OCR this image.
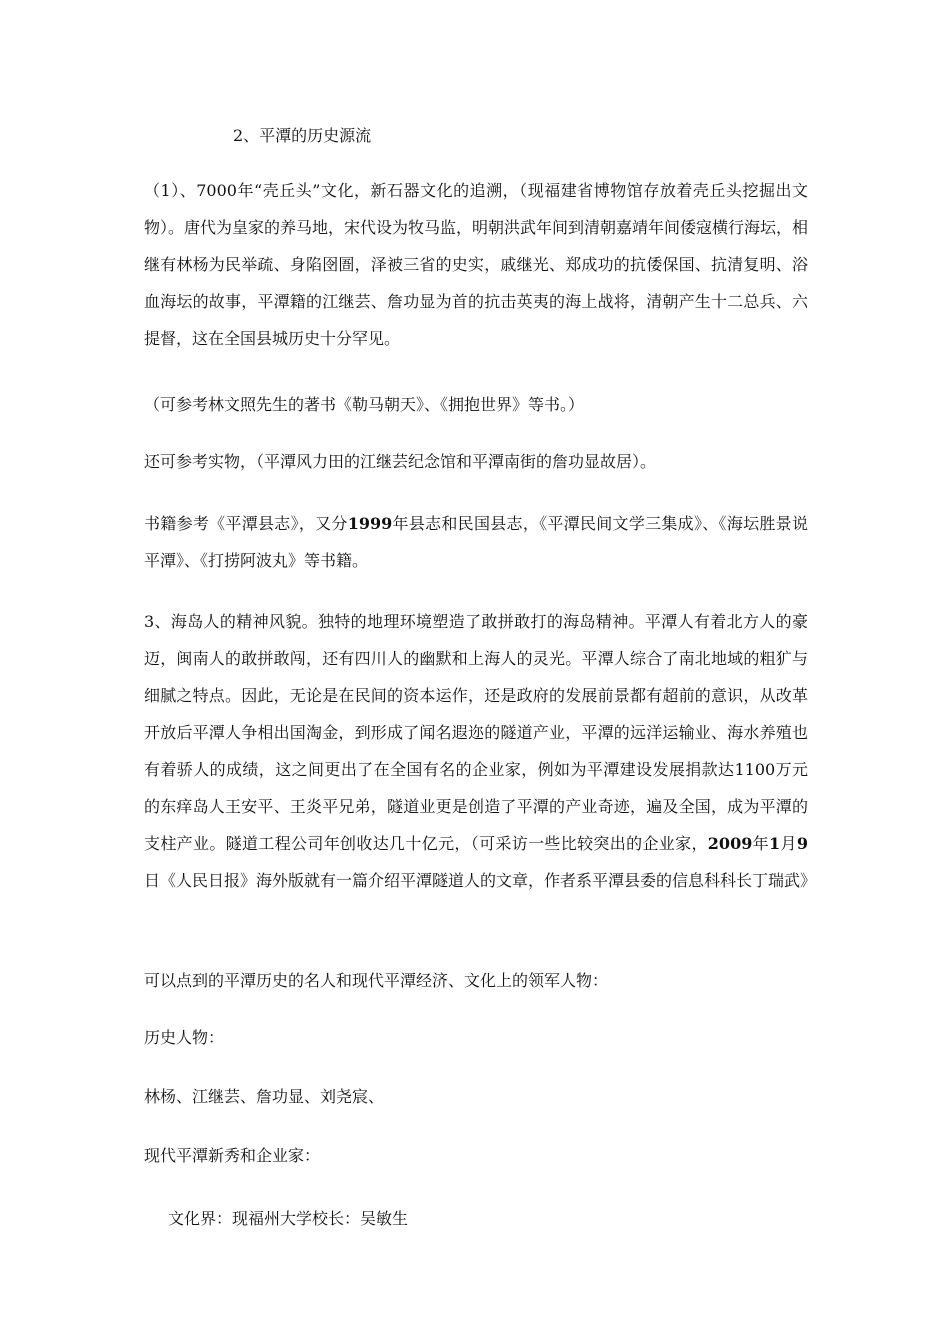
2、平潭的历史源流

（1）、7000年“壳丘头”文化，新石器文化的追溯，（现福建省博物馆存放着壳丘头挖掘出文物）。唐代为皇家的养马地，宋代设为牧马监，明朝洪武年间到清朝嘉靖年间倭寇横行海坛，相继有林杨为民举疏、身陷囹圄，泽被三省的史实，戚继光、郑成功的抗倭保国、抗清复明、浴血海坛的故事，平潭籍的江继芸、詹功显为首的抗击英夷的海上战将，清朝产生十二总兵、六提督，这在全国县城历史十分罕见。

（可参考林文照先生的著书《勒马朝天》、《拥抱世界》等书。）

还可参考实物，（平潭风力田的江继芸纪念馆和平潭南街的詹功显故居）。

书籍参考《平潭县志》，又分1999年县志和民国县志，《平潭民间文学三集成》、《海坛胜景说平潭》、《打捞阿波丸》等书籍。

3、海岛人的精神风貌。独特的地理环境塑造了敢拼敢打的海岛精神。平潭人有着北方人的豪迈，闽南人的敢拼敢闯，还有四川人的幽默和上海人的灵光。平潭人综合了南北地域的粗犷与细腻之特点。因此，无论是在民间的资本运作，还是政府的发展前景都有超前的意识，从改革开放后平潭人争相出国淘金，到形成了闻名遐迩的隧道产业，平潭的远洋运输业、海水养殖也有着骄人的成绩，这之间更出了在全国有名的企业家，例如为平潭建设发展捐款达1100万元的东痒岛人王安平、王炎平兄弟，隧道业更是创造了平潭的产业奇迹，遍及全国，成为平潭的支柱产业。隧道工程公司年创收达几十亿元，（可采访一些比较突出的企业家，2009年1月9日《人民日报》海外版就有一篇介绍平潭隧道人的文章，作者系平潭县委的信息科科长丁瑞武》

可以点到的平潭历史的名人和现代平潭经济、文化上的领军人物：

历史人物：

林杨、江继芸、詹功显、刘尧宸、

现代平潭新秀和企业家：

文化界：现福州大学校长：吴敏生
